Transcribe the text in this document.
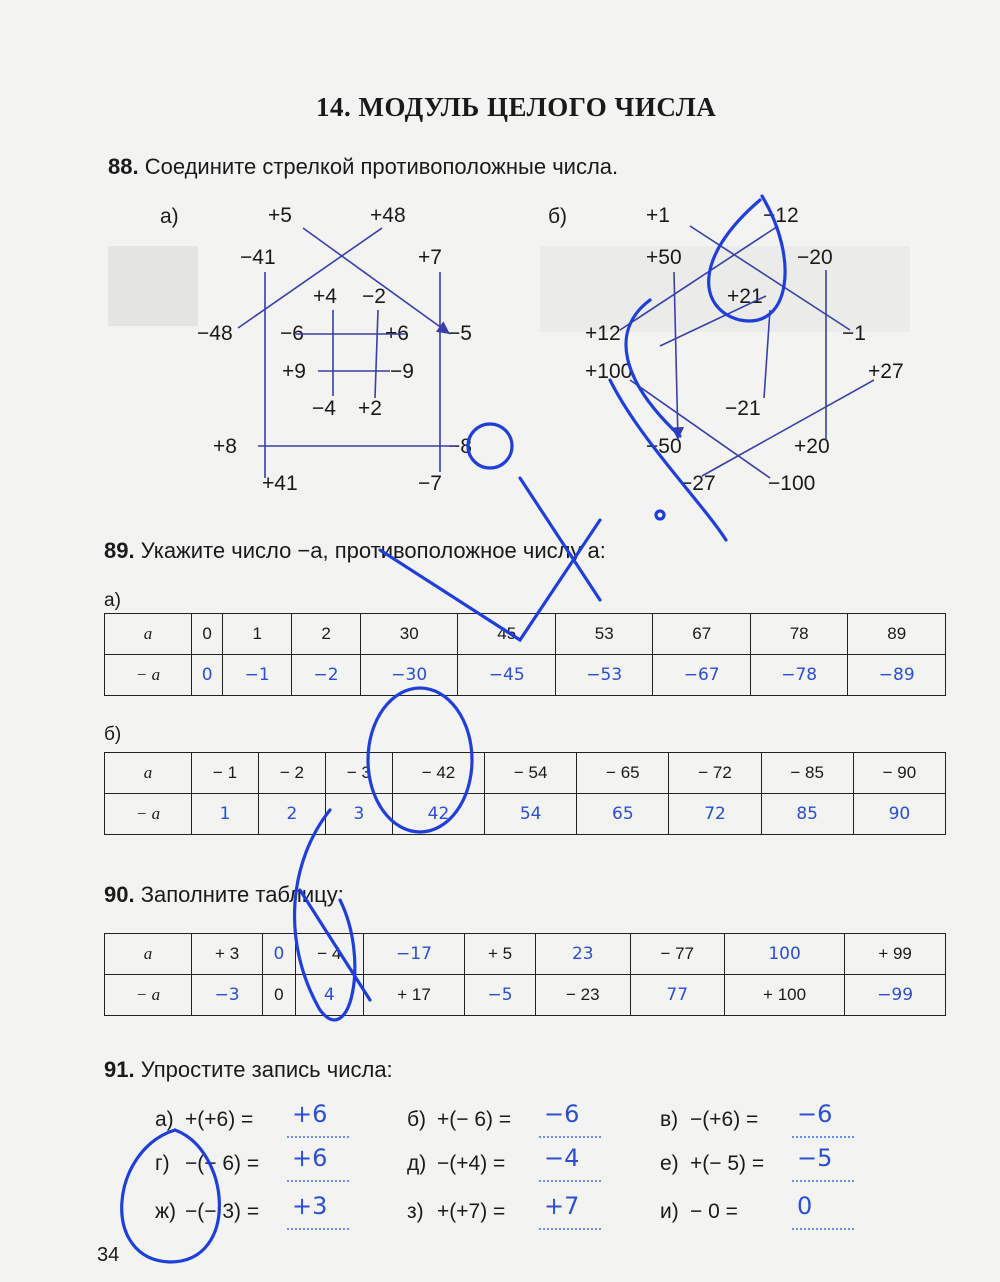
14. МОДУЛЬ ЦЕЛОГО ЧИСЛА
88. Соедините стрелкой противоположные числа.
а)	+5	+48
−41	+7
+4 −2
−48 −6	+6 −5
+9	−9
−4 +2
+8	−8
+41	−7
б)	+1	−12
+50	−20
+21
+12	−1
+100	+27
−21
−50	+20
−27 −100
89. Укажите число −a, противоположное числу a:
а)
a	0	1	2	30	45	53	67	78	89
− a	0	−1	−2	−30	−45	−53	−67	−78	−89
б)
a	− 1	− 2	− 3	− 42	− 54	− 65	− 72	− 85	− 90
− a	1	2	3	42	54	65	72	85	90
90. Заполните таблицу:
a	+ 3	0	− 4	−17	+ 5	23	− 77	100	+ 99
− a	−3	0	4	+ 17	−5	− 23	77	+ 100	−99
91. Упростите запись числа:
а) +(+6) = +6	б) +(− 6) = −6	в) −(+6) = −6
г) −(− 6) = +6	д) −(+4) = −4	е) +(− 5) = −5
ж) −(− 3) = +3	з) +(+7) = +7	и) − 0 = 0
34
